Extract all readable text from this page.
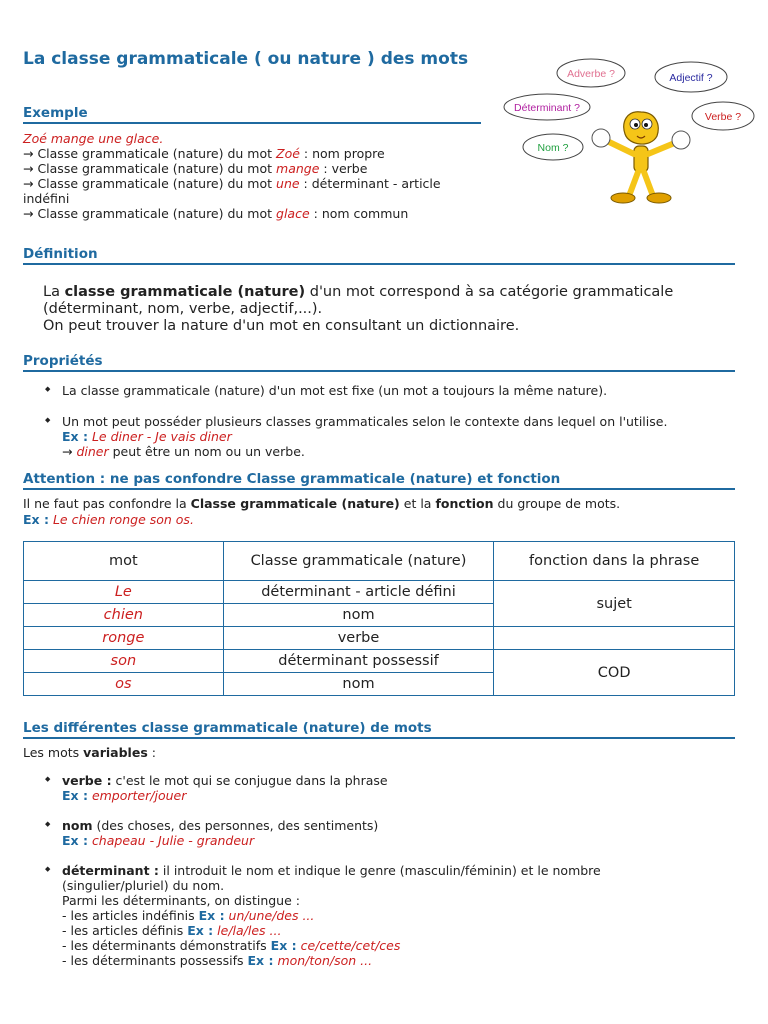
La classe grammaticale ( ou nature ) des mots
Adverbe ?	Adjectif ?
Déterminant ?
Verbe ?
Nom ?
Exemple
Zoé mange une glace.
→ Classe grammaticale (nature) du mot Zoé : nom propre
→ Classe grammaticale (nature) du mot mange : verbe
→ Classe grammaticale (nature) du mot une : déterminant - article
indéfini
→ Classe grammaticale (nature) du mot glace : nom commun
Définition
La classe grammaticale (nature) d'un mot correspond à sa catégorie grammaticale
(déterminant, nom, verbe, adjectif,...).
On peut trouver la nature d'un mot en consultant un dictionnaire.
Propriétés
La classe grammaticale (nature) d'un mot est fixe (un mot a toujours la même nature).
Un mot peut posséder plusieurs classes grammaticales selon le contexte dans lequel on l'utilise.
Ex : Le diner - Je vais diner
→ diner peut être un nom ou un verbe.
Attention : ne pas confondre Classe grammaticale (nature) et fonction
Il ne faut pas confondre la Classe grammaticale (nature) et la fonction du groupe de mots.
Ex : Le chien ronge son os.
mot	Classe grammaticale (nature)	fonction dans la phrase
Le	déterminant - article défini	sujet
chien	nom	
ronge	verbe	
son	déterminant possessif	COD
os	nom	
Les différentes classe grammaticale (nature) de mots
Les mots variables :
verbe : c'est le mot qui se conjugue dans la phrase
Ex : emporter/jouer
nom (des choses, des personnes, des sentiments)
Ex : chapeau - Julie - grandeur
déterminant : il introduit le nom et indique le genre (masculin/féminin) et le nombre
(singulier/pluriel) du nom.
Parmi les déterminants, on distingue :
- les articles indéfinis Ex : un/une/des ...
- les articles définis Ex : le/la/les ...
- les déterminants démonstratifs Ex : ce/cette/cet/ces
- les déterminants possessifs Ex : mon/ton/son ...
